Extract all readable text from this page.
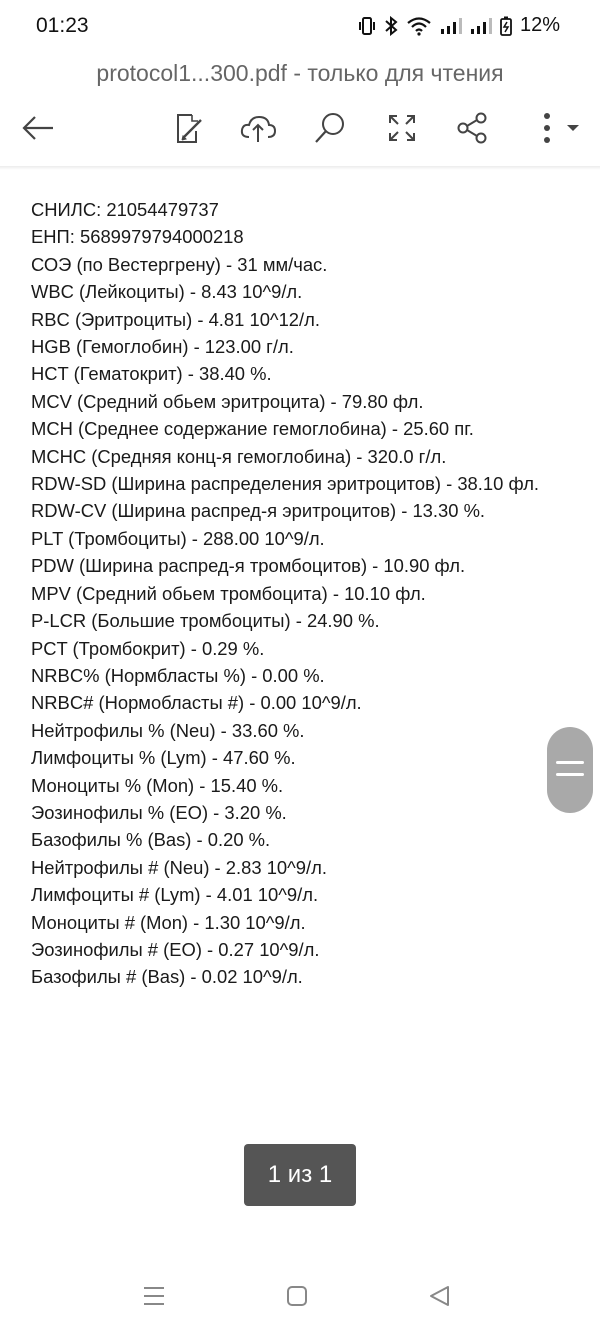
01:23	12%
protocol1...300.pdf - только для чтения
СНИЛС: 21054479737
ЕНП: 5689979794000218
СОЭ (по Вестергрену) - 31 мм/час.
WBC (Лейкоциты) - 8.43 10^9/л.
RBC (Эритроциты) - 4.81 10^12/л.
HGB (Гемоглобин) - 123.00 г/л.
HCT (Гематокрит) - 38.40 %.
MCV (Средний обьем эритроцита) - 79.80 фл.
MCH (Среднее содержание гемоглобина) - 25.60 пг.
MCHC (Средняя конц-я гемоглобина) - 320.0 г/л.
RDW-SD (Ширина распределения эритроцитов) - 38.10 фл.
RDW-CV (Ширина распред-я эритроцитов) - 13.30 %.
PLT (Тромбоциты) - 288.00 10^9/л.
PDW (Ширина распред-я тромбоцитов) - 10.90 фл.
MPV (Средний обьем тромбоцита) - 10.10 фл.
P-LCR (Большие тромбоциты) - 24.90 %.
PCT (Тромбокрит) - 0.29 %.
NRBC% (Нормбласты %) - 0.00 %.
NRBC# (Нормобласты #) - 0.00 10^9/л.
Нейтрофилы % (Neu) - 33.60 %.
Лимфоциты % (Lym) - 47.60 %.
Моноциты % (Mon) - 15.40 %.
Эозинофилы % (EO) - 3.20 %.
Базофилы % (Bas) - 0.20 %.
Нейтрофилы # (Neu) - 2.83 10^9/л.
Лимфоциты # (Lym) - 4.01 10^9/л.
Моноциты # (Mon) - 1.30 10^9/л.
Эозинофилы # (EO) - 0.27 10^9/л.
Базофилы # (Bas) - 0.02 10^9/л.
1 из 1
